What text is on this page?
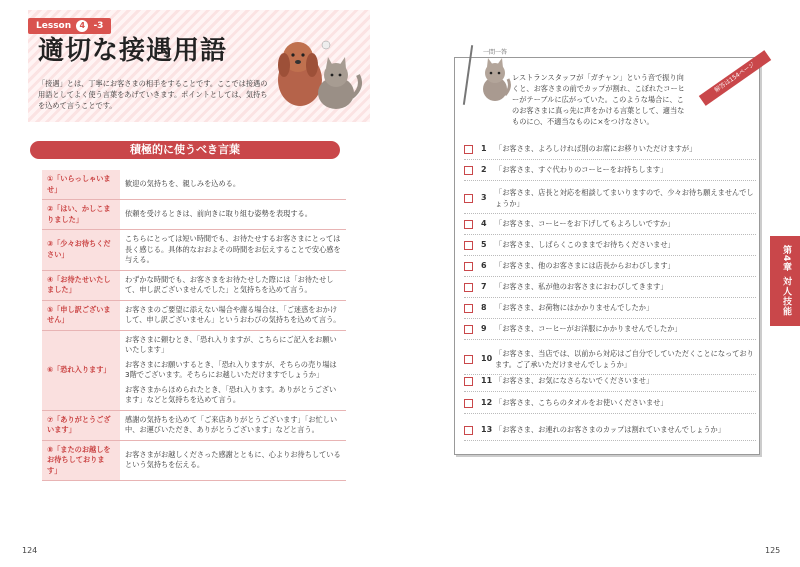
Lesson 4 -3
適切な接遇用語
「接遇」とは、丁寧にお客さまの相手をすることです。ここでは接遇の用語としてよく使う言葉をあげていきます。ポイントとしては、気持ちを込めて言うことです。
積極的に使うべき言葉
①「いらっしゃいませ」	歓迎の気持ちを、親しみを込める。

②「はい、かしこまりました」	依頼を受けるときは、前向きに取り組む姿勢を表現する。

③「少々お待ちください」	こちらにとっては短い時間でも、お待たせするお客さまにとっては長く感じる。具体的なおおよその時間をお伝えすることで安心感を与える。

④「お待たせいたしました」	わずかな時間でも、お客さまをお待たせした際には「お待たせして、申し訳ございませんでした」と気持ちを込めて言う。

⑤「申し訳ございません」	お客さまのご要望に添えない場合や謝る場合は、「ご迷惑をおかけして、申し訳ございません」というおわびの気持ちを込めて言う。

⑥「恐れ入ります」	お客さまに頼むとき、「恐れ入りますが、こちらにご記入をお願いいたします」

お客さまにお願いするとき、「恐れ入りますが、そちらの売り場は3階でございます。そちらにお越しいただけますでしょうか」

お客さまからほめられたとき、「恐れ入ります。ありがとうございます」などと気持ちを込めて言う。

⑦「ありがとうございます」	感謝の気持ちを込めて「ご来店ありがとうございます」「お忙しい中、お運びいただき、ありがとうございます」などと言う。

⑧「またのお越しをお待ちしております」	お客さまがお越しくださった感謝とともに、心よりお待ちしているという気持ちを伝える。

124
一問一答
レストランスタッフが「ガチャン」という音で振り向くと、お客さまの前でカップが割れ、こぼれたコーヒーがテーブルに広がっていた。このような場合に、このお客さまに真っ先に声をかける言葉として、適当なものに○、不適当なものに×をつけなさい。
解答は154ページ
1	「お客さま、よろしければ別のお席にお移りいただけますが」
2	「お客さま、すぐ代わりのコーヒーをお持ちします」
3
「お客さま、店長と対応を相談してまいりますので、少々お待ち願えませんでしょうか」
4	「お客さま、コーヒーをお下げしてもよろしいですか」
5	「お客さま、しばらくこのままでお待ちくださいませ」
6	「お客さま、他のお客さまには店長からおわびします」
7	「お客さま、私が他のお客さまにおわびしてきます」
8	「お客さま、お荷物にはかかりませんでしたか」
9	「お客さま、コーヒーがお洋服にかかりませんでしたか」
10
「お客さま、当店では、以前から対応はご自分でしていただくことになっております。ご了承いただけませんでしょうか」
11 「お客さま、お気になさらないでくださいませ」
12 「お客さま、こちらのタオルをお使いくださいませ」
13 「お客さま、お連れのお客さまのカップは割れていませんでしょうか」
第4章 対人技能
125
